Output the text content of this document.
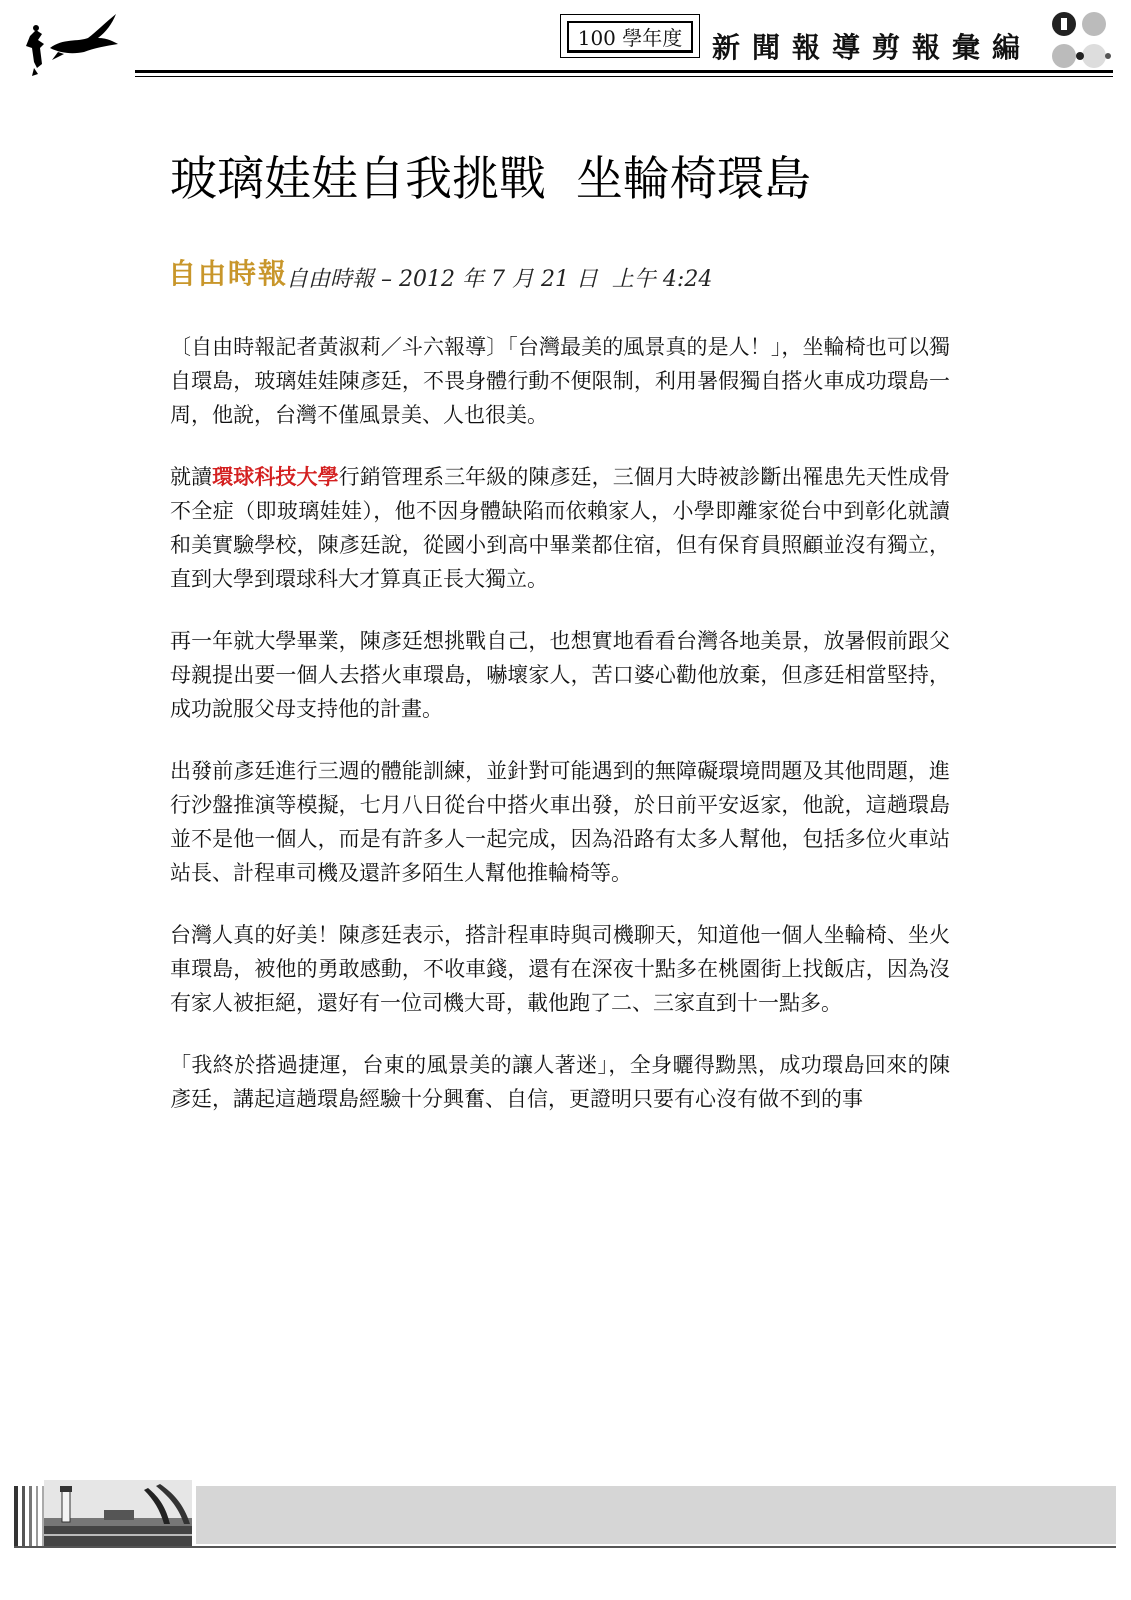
100 學年度	新聞報導剪報彙編
玻璃娃娃自我挑戰  坐輪椅環島
自由時報
自由時報 – 2012 年 7 月 21 日  上午 4:24

〔自由時報記者黃淑莉／斗六報導〕「台灣最美的風景真的是人！」，坐輪椅也可以獨自環島，玻璃娃娃陳彥廷，不畏身體行動不便限制，利用暑假獨自搭火車成功環島一周，他說，台灣不僅風景美、人也很美。

就讀環球科技大學行銷管理系三年級的陳彥廷，三個月大時被診斷出罹患先天性成骨不全症（即玻璃娃娃），他不因身體缺陷而依賴家人，小學即離家從台中到彰化就讀和美實驗學校，陳彥廷說，從國小到高中畢業都住宿，但有保育員照顧並沒有獨立，直到大學到環球科大才算真正長大獨立。

再一年就大學畢業，陳彥廷想挑戰自己，也想實地看看台灣各地美景，放暑假前跟父母親提出要一個人去搭火車環島，嚇壞家人，苦口婆心勸他放棄，但彥廷相當堅持，成功說服父母支持他的計畫。

出發前彥廷進行三週的體能訓練，並針對可能遇到的無障礙環境問題及其他問題，進行沙盤推演等模擬，七月八日從台中搭火車出發，於日前平安返家，他說，這趟環島並不是他一個人，而是有許多人一起完成，因為沿路有太多人幫他，包括多位火車站站長、計程車司機及還許多陌生人幫他推輪椅等。

台灣人真的好美！陳彥廷表示，搭計程車時與司機聊天，知道他一個人坐輪椅、坐火車環島，被他的勇敢感動，不收車錢，還有在深夜十點多在桃園街上找飯店，因為沒有家人被拒絕，還好有一位司機大哥，載他跑了二、三家直到十一點多。

「我終於搭過捷運，台東的風景美的讓人著迷」，全身曬得黝黑，成功環島回來的陳彥廷，講起這趟環島經驗十分興奮、自信，更證明只要有心沒有做不到的事
